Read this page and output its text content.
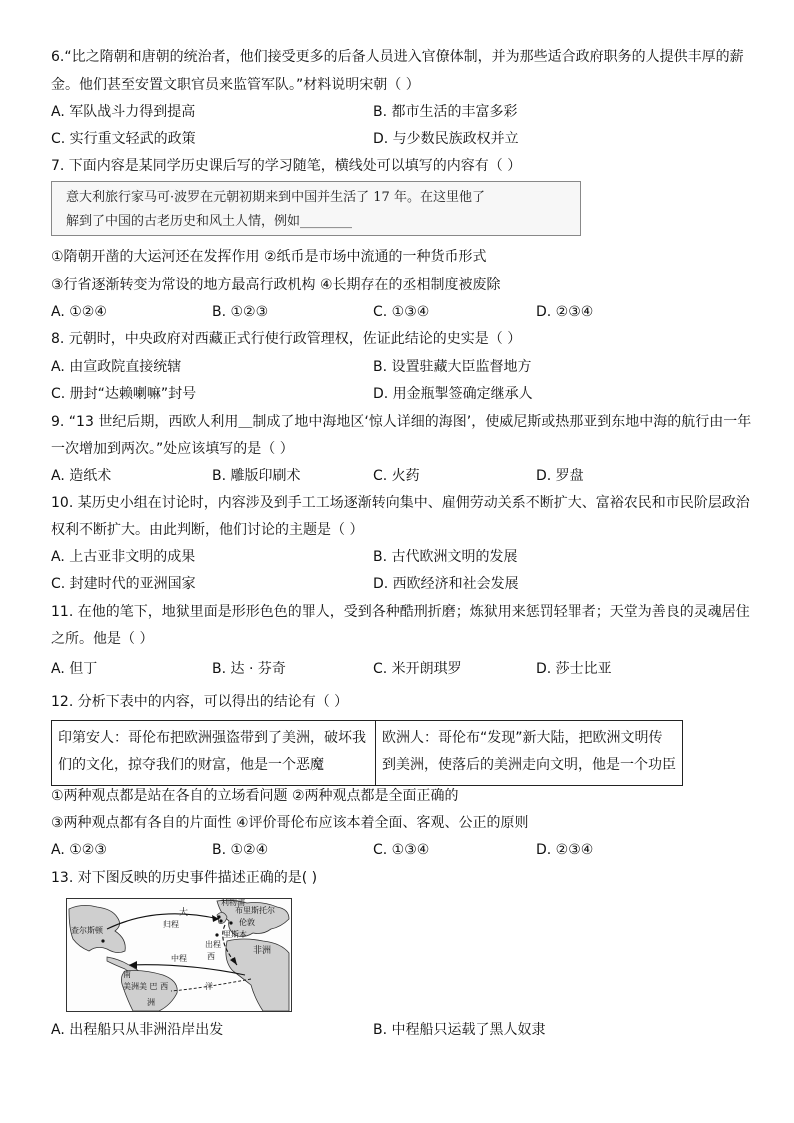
6.“比之隋朝和唐朝的统治者，他们接受更多的后备人员进入官僚体制，并为那些适合政府职务的人提供丰厚的薪
金。他们甚至安置文职官员来监管军队。”材料说明宋朝（ ）
A. 军队战斗力得到提高	B. 都市生活的丰富多彩
C. 实行重文轻武的政策	D. 与少数民族政权并立
7. 下面内容是某同学历史课后写的学习随笔，横线处可以填写的内容有（ ）
意大利旅行家马可·波罗在元朝初期来到中国并生活了 17 年。在这里他了
解到了中国的古老历史和风土人情，例如________
①隋朝开凿的大运河还在发挥作用 ②纸币是市场中流通的一种货币形式
③行省逐渐转变为常设的地方最高行政机构 ④长期存在的丞相制度被废除
A. ①②④	B. ①②③	C. ①③④	D. ②③④
8. 元朝时，中央政府对西藏正式行使行政管理权，佐证此结论的史实是（ ）
A. 由宣政院直接统辖	B. 设置驻藏大臣监督地方
C. 册封“达赖喇嘛”封号	D. 用金瓶掣签确定继承人
9. “13 世纪后期，西欧人利用＿制成了地中海地区‘惊人详细的海图’，使威尼斯或热那亚到东地中海的航行由一年
一次增加到两次。”处应该填写的是（ ）
A. 造纸术	B. 雕版印刷术	C. 火药	D. 罗盘
10. 某历史小组在讨论时，内容涉及到手工工场逐渐转向集中、雇佣劳动关系不断扩大、富裕农民和市民阶层政治
权利不断扩大。由此判断，他们讨论的主题是（ ）
A. 上古亚非文明的成果	B. 古代欧洲文明的发展
C. 封建时代的亚洲国家	D. 西欧经济和社会发展
11. 在他的笔下，地狱里面是形形色色的罪人，受到各种酷刑折磨；炼狱用来惩罚轻罪者；天堂为善良的灵魂居住
之所。他是（ ）
A. 但丁	B. 达 · 芬奇	C. 米开朗琪罗	D. 莎士比亚
12. 分析下表中的内容，可以得出的结论有（ ）
印第安人：哥伦布把欧洲强盗带到了美洲，破坏我们的文化，掠夺我们的财富，他是一个恶魔	欧洲人：哥伦布“发现”新大陆，把欧洲文明传到美洲，使落后的美洲走向文明，他是一个功臣
①两种观点都是站在各自的立场看问题 ②两种观点都是全面正确的
③两种观点都有各自的片面性 ④评价哥伦布应该本着全面、客观、公正的原则
A. ①②③	B. ①②④	C. ①③④	D. ②③④
13. 对下图反映的历史事件描述正确的是( )
大
归程
利物浦
布里斯托尔
伦敦
里斯本
出程
非洲
西
中程
查尔斯顿
南
美洲	洋
美 巴 西
洲
A. 出程船只从非洲沿岸出发	B. 中程船只运载了黑人奴隶
